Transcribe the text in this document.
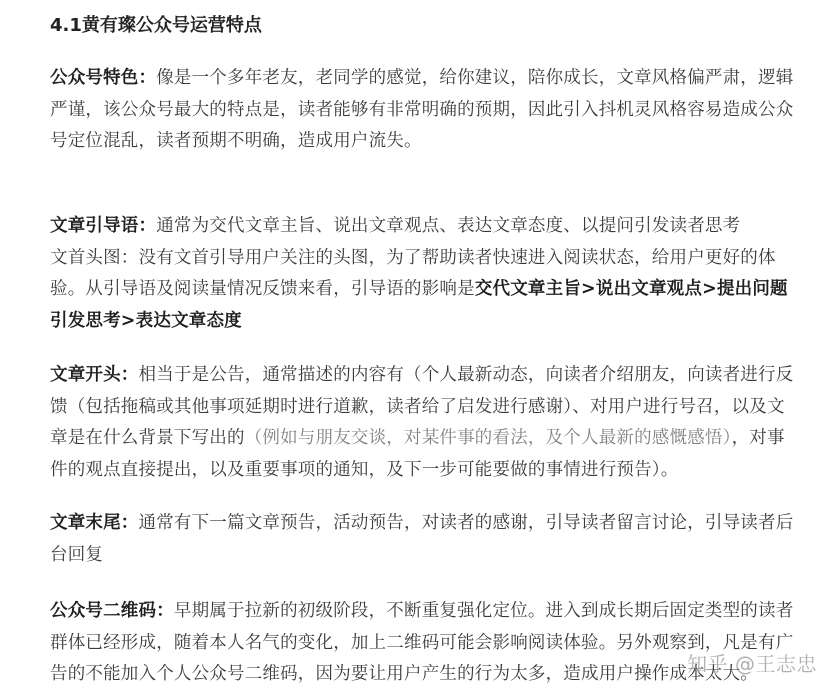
4.1黄有璨公众号运营特点
公众号特色：像是一个多年老友，老同学的感觉，给你建议，陪你成长，文章风格偏严肃，逻辑
严谨，该公众号最大的特点是，读者能够有非常明确的预期，因此引入抖机灵风格容易造成公众
号定位混乱，读者预期不明确，造成用户流失。
文章引导语：通常为交代文章主旨、说出文章观点、表达文章态度、以提问引发读者思考
文首头图：没有文首引导用户关注的头图，为了帮助读者快速进入阅读状态，给用户更好的体
验。从引导语及阅读量情况反馈来看，引导语的影响是交代文章主旨>说出文章观点>提出问题
引发思考>表达文章态度
文章开头：相当于是公告，通常描述的内容有（个人最新动态，向读者介绍朋友，向读者进行反
馈（包括拖稿或其他事项延期时进行道歉，读者给了启发进行感谢）、对用户进行号召，以及文
章是在什么背景下写出的（例如与朋友交谈，对某件事的看法，及个人最新的感慨感悟），对事
件的观点直接提出，以及重要事项的通知，及下一步可能要做的事情进行预告）。
文章末尾：通常有下一篇文章预告，活动预告，对读者的感谢，引导读者留言讨论，引导读者后
台回复
公众号二维码：早期属于拉新的初级阶段，不断重复强化定位。进入到成长期后固定类型的读者
群体已经形成，随着本人名气的变化，加上二维码可能会影响阅读体验。另外观察到，凡是有广
告的不能加入个人公众号二维码，因为要让用户产生的行为太多，造成用户操作成本太大。
知乎 @王志忠
